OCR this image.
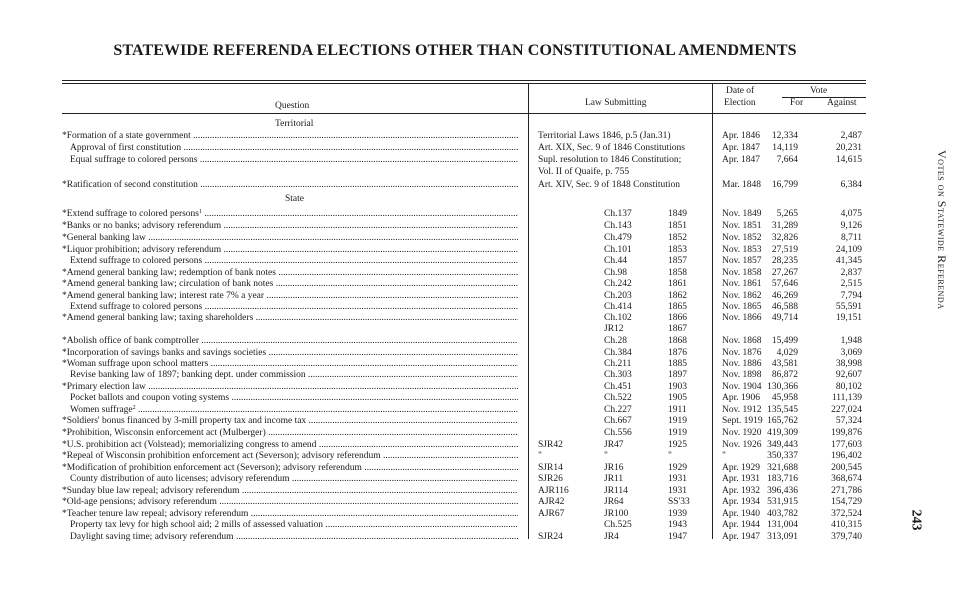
STATEWIDE REFERENDA ELECTIONS OTHER THAN CONSTITUTIONAL AMENDMENTS
Question	Law Submitting
Date of
Election
Vote
For	Against
Territorial
State
*Formation of a state government .....	Territorial Laws 1846, p.5 (Jan.31)	Apr. 1846 12,334	2,487
Approval of first constitution .....	Art. XIX, Sec. 9 of 1846 Constitutions	Apr. 1847 14,119	20,231
Equal suffrage to colored persons .....	Supl. resolution to 1846 Constitution;	Apr. 1847 7,664	14,615
Vol. II of Quaife, p. 755
*Ratification of second constitution .....	Art. XIV, Sec. 9 of 1848 Constitution	Mar. 1848 16,799	6,384
*Extend suffrage to colored persons$^1$ .....	Ch.137	1849	Nov. 1849 5,265	4,075
*Banks or no banks; advisory referendum .....	Ch.143	1851	Nov. 1851 31,289	9,126
*General banking law .....	Ch.479	1852	Nov. 1852 32,826	8,711
*Liquor prohibition; advisory referendum .....	Ch.101	1853	Nov. 1853 27,519	24,109
Extend suffrage to colored persons .....	Ch.44	1857	Nov. 1857 28,235	41,345
*Amend general banking law; redemption of bank notes .....	Ch.98	1858	Nov. 1858 27,267	2,837
*Amend general banking law; circulation of bank notes .....	Ch.242	1861	Nov. 1861 57,646	2,515
*Amend general banking law; interest rate 7% a year .....	Ch.203	1862	Nov. 1862 46,269	7,794
Extend suffrage to colored persons .....	Ch.414	1865	Nov. 1865 46,588	55,591
*Amend general banking law; taxing shareholders .....	Ch.102	1866	Nov. 1866 49,714	19,151
JR12	1867
*Abolish office of bank comptroller .....	Ch.28	1868	Nov. 1868 15,499	1,948
*Incorporation of savings banks and savings societies .....	Ch.384	1876	Nov. 1876 4,029	3,069
*Woman suffrage upon school matters .....	Ch.211	1885	Nov. 1886 43,581	38,998
Revise banking law of 1897; banking dept. under commission .....	Ch.303	1897	Nov. 1898 86,872	92,607
*Primary election law .....	Ch.451	1903	Nov. 1904 130,366	80,102
Pocket ballots and coupon voting systems .....	Ch.522	1905	Apr. 1906 45,958	111,139
Women suffrage$^2$ .....	Ch.227	1911	Nov. 1912 135,545	227,024
*Soldiers' bonus financed by 3-mill property tax and income tax .....	Ch.667	1919	Sept. 1919 165,762	57,324
*Prohibition, Wisconsin enforcement act (Mulberger) .....	Ch.556	1919	Nov. 1920 419,309	199,876
*U.S. prohibition act (Volstead); memorializing congress to amend .....	SJR42	JR47	1925	Nov. 1926 349,443	177,603
*Repeal of Wisconsin prohibition enforcement act (Severson); advisory referendum .....	"	"	"	"	350,337	196,402
*Modification of prohibition enforcement act (Severson); advisory referendum .....	SJR14	JR16	1929	Apr. 1929 321,688	200,545
County distribution of auto licenses; advisory referendum .....	SJR26	JR11	1931	Apr. 1931 183,716	368,674
*Sunday blue law repeal; advisory referendum .....	AJR116	JR114	1931	Apr. 1932 396,436	271,786
*Old-age pensions; advisory referendum .....	AJR42	JR64	SS'33	Apr. 1934 531,915	154,729
*Teacher tenure law repeal; advisory referendum .....	AJR67	JR100	1939	Apr. 1940 403,782	372,524
Property tax levy for high school aid; 2 mills of assessed valuation .....	Ch.525	1943	Apr. 1944 131,004	410,315
Daylight saving time; advisory referendum .....	SJR24	JR4	1947	Apr. 1947 313,091	379,740
Votes on Statewide Referenda
243
